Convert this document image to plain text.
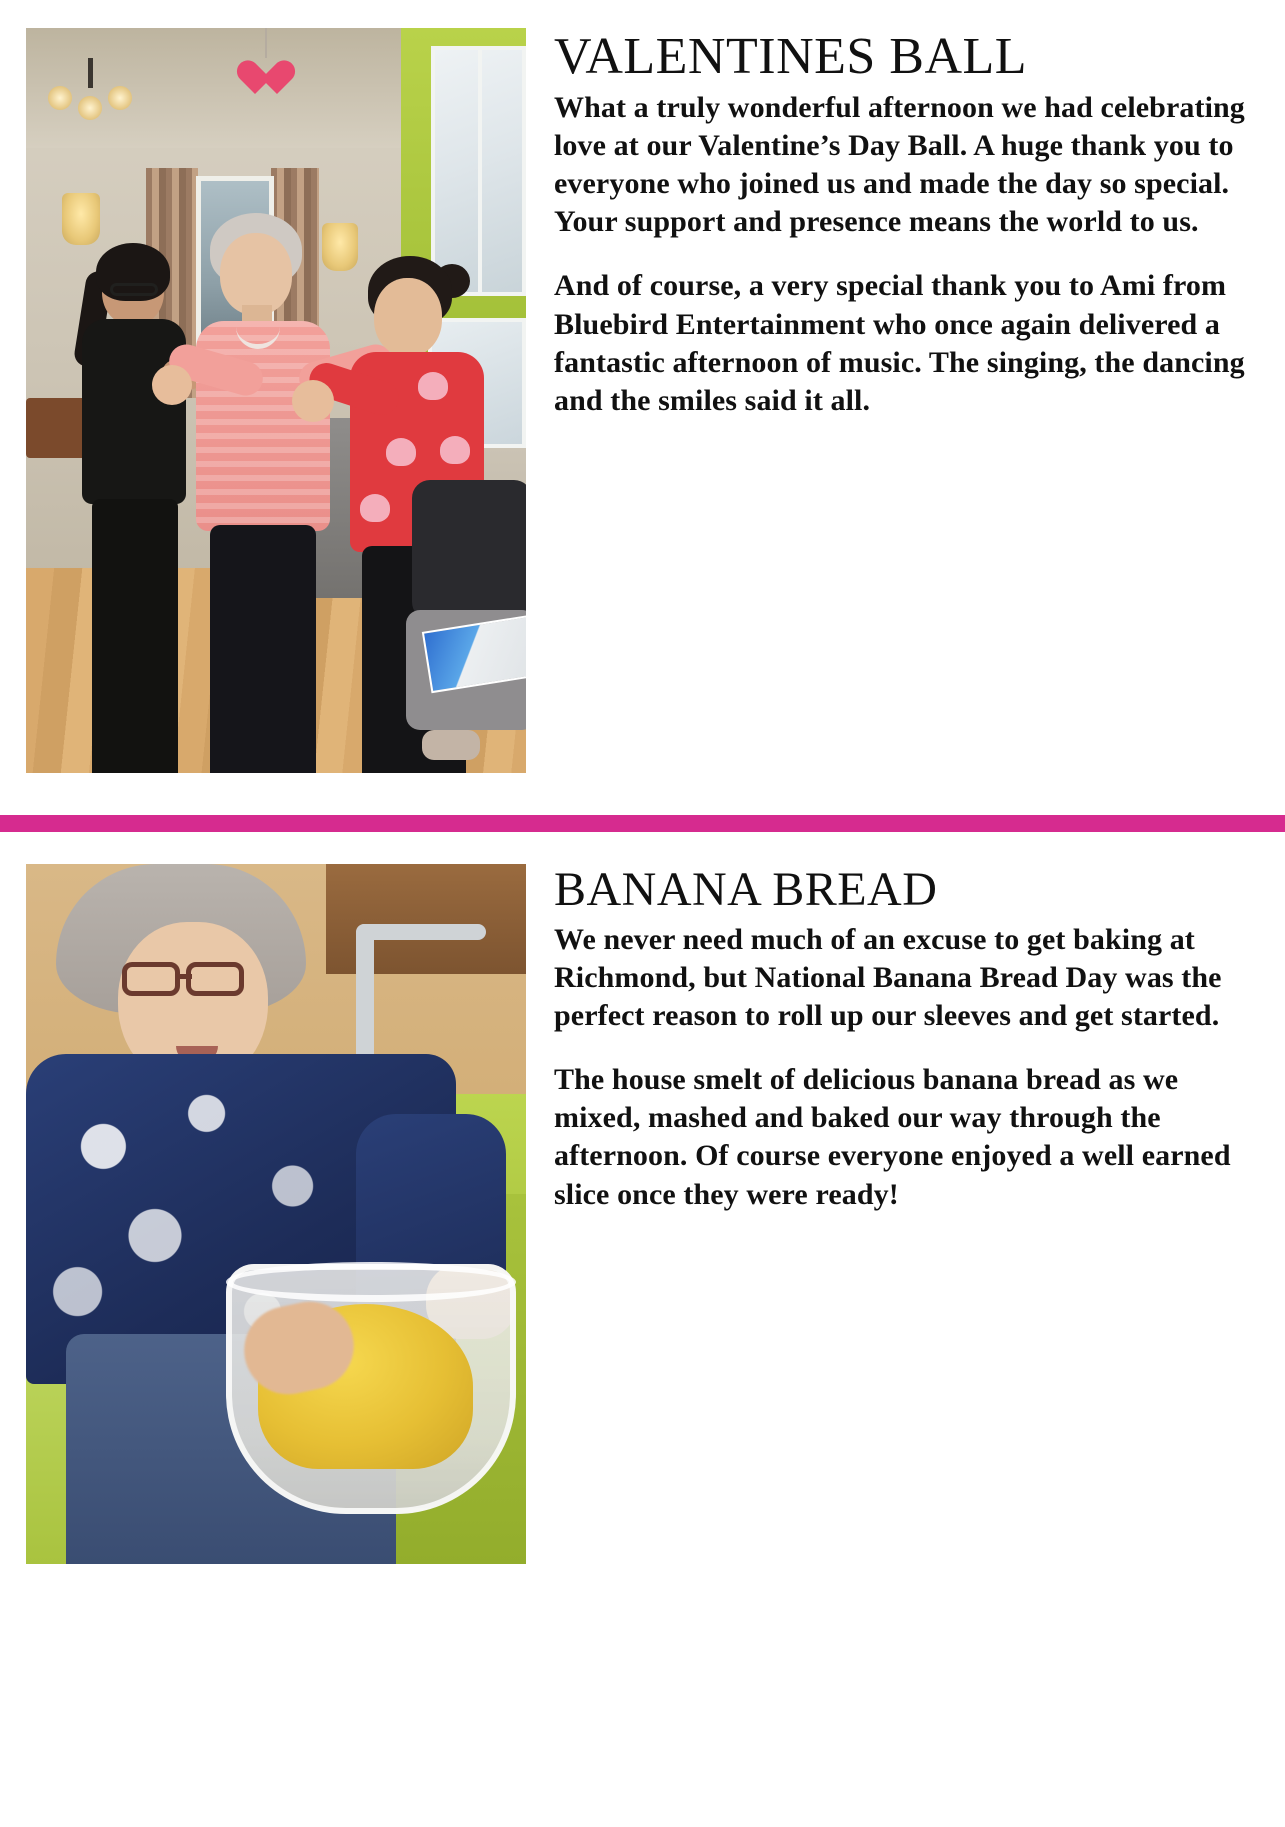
VALENTINES BALL

What a truly wonderful afternoon we had celebrating love at our Valentine’s Day Ball. A huge thank you to everyone who joined us and made the day so special. Your support and presence means the world to us.

And of course, a very special thank you to Ami from Bluebird Entertainment who once again delivered a fantastic afternoon of music. The singing, the dancing and the smiles said it all.

BANANA BREAD

We never need much of an excuse to get baking at Richmond, but National Banana Bread Day was the perfect reason to roll up our sleeves and get started.

The house smelt of delicious banana bread as we mixed, mashed and baked our way through the afternoon. Of course everyone enjoyed a well earned slice once they were ready!
